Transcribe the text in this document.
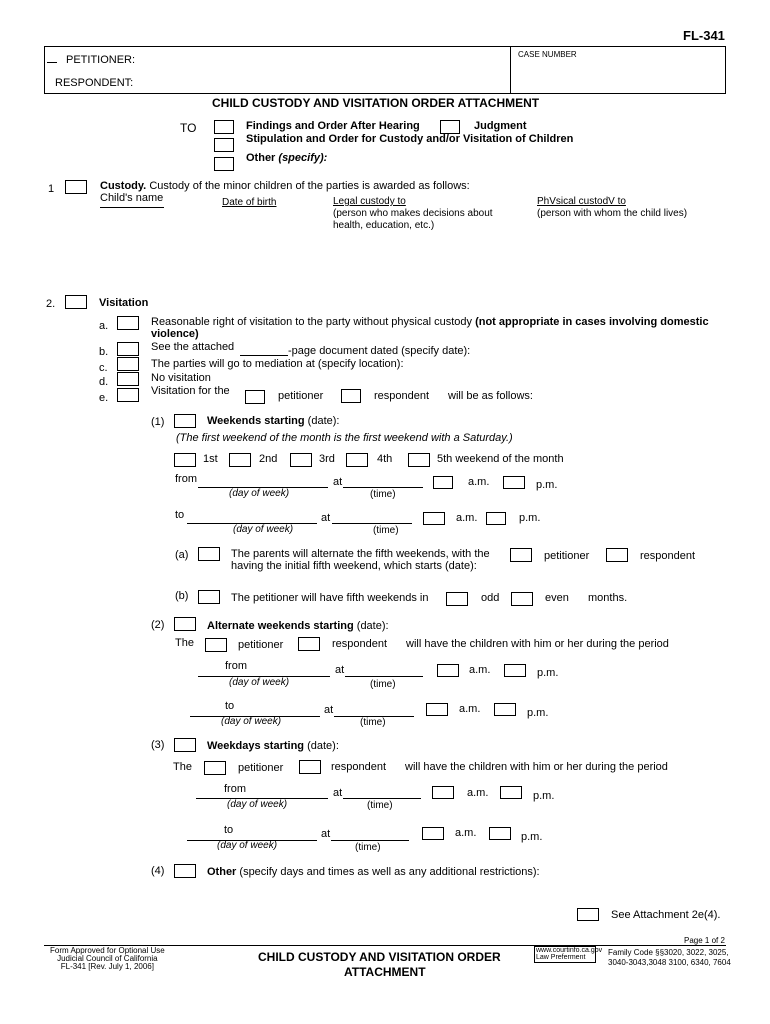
FL-341
PETITIONER:
RESPONDENT:
CASE NUMBER
CHILD CUSTODY AND VISITATION ORDER ATTACHMENT
TO	Findings and Order After Hearing	Judgment
Stipulation and Order for Custody and/or Visitation of Children
Other (specify):
1	Custody. Custody of the minor children of the parties is awarded as follows:
Child's name	Date of birth	Legal custody to
(person who makes decisions about
health, education, etc.)
PhVsical custodV to
(person with whom the child lives)
2.	Visitation
a.	Reasonable right of visitation to the party without physical custody (not appropriate in cases involving domestic
violence)
b.	See the attached	-page document dated (specify date):
c.	The parties will go to mediation at (specify location):
d.	No visitation
e.
Visitation for the	petitioner	respondent will be as follows:
(1)	Weekends starting (date):
(The first weekend of the month is the first weekend with a Saturday.)
1st	2nd	3rd	4th	5th weekend of the month
from
(day of week)
at
(time)
a.m.	p.m.
to
(day of week)
at
(time)
a.m.	p.m.
(a)	The parents will alternate the fifth weekends, with the
having the initial fifth weekend, which starts (date):
petitioner	respondent
(b)	The petitioner will have fifth weekends in	odd	even months.
(2)	Alternate weekends starting (date):
The	petitioner	respondent will have the children with him or her during the period
from
(day of week)
at
(time)
a.m.	p.m.
to
(day of week)
at
(time)
a.m.	p.m.
(3)	Weekdays starting (date):
The	petitioner	respondent will have the children with him or her during the period
from
(day of week)
at
(time)
a.m.	p.m.
to
(day of week)
at
(time)
a.m.	p.m.
(4)	Other (specify days and times as well as any additional restrictions):
See Attachment 2e(4).
Page 1 of 2
Form Approved for Optional Use
Judicial Council of California
FL-341 [Rev. July 1, 2006]
CHILD CUSTODY AND VISITATION ORDER
ATTACHMENT
www.courtinfo.ca.gov
Law Preferment
Family Code §§3020, 3022, 3025,
3040-3043,3048 3100, 6340, 7604
